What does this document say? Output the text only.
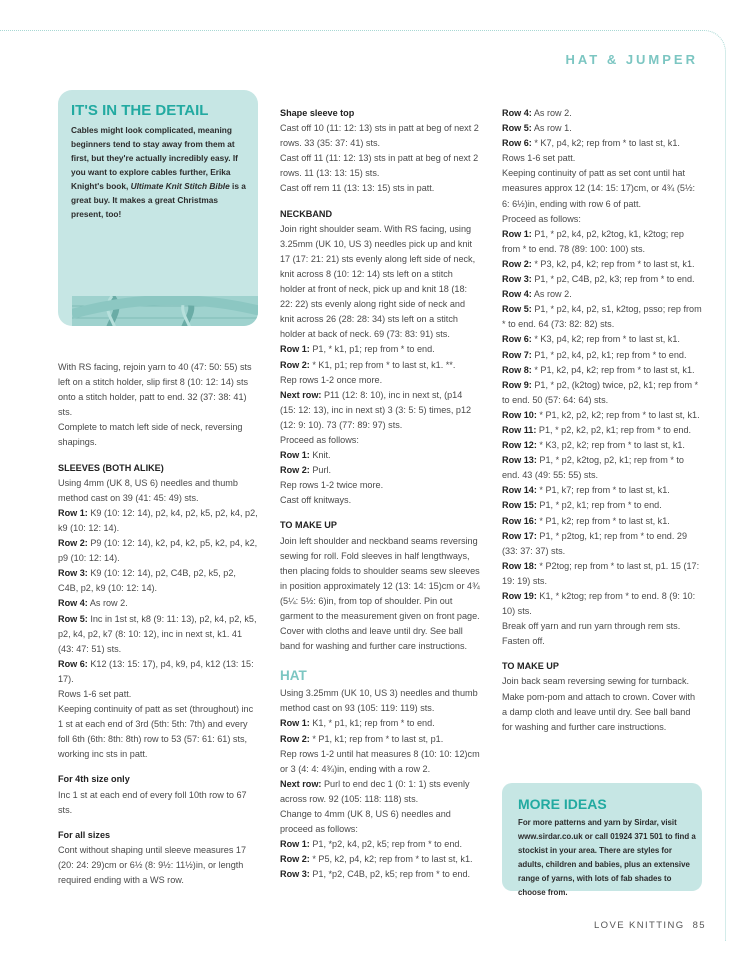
HAT & JUMPER
IT'S IN THE DETAIL
Cables might look complicated, meaning beginners tend to stay away from them at first, but they're actually incredibly easy. If you want to explore cables further, Erika Knight's book, Ultimate Knit Stitch Bible is a great buy. It makes a great Christmas present, too!

With RS facing, rejoin yarn to 40 (47: 50: 55) sts left on a stitch holder, slip first 8 (10: 12: 14) sts onto a stitch holder, patt to end. 32 (37: 38: 41) sts.

Complete to match left side of neck, reversing shapings.

SLEEVES (BOTH ALIKE)

Using 4mm (UK 8, US 6) needles and thumb method cast on 39 (41: 45: 49) sts.

Row 1: K9 (10: 12: 14), p2, k4, p2, k5, p2, k4, p2, k9 (10: 12: 14).

Row 2: P9 (10: 12: 14), k2, p4, k2, p5, k2, p4, k2, p9 (10: 12: 14).

Row 3: K9 (10: 12: 14), p2, C4B, p2, k5, p2, C4B, p2, k9 (10: 12: 14).

Row 4: As row 2.

Row 5: Inc in 1st st, k8 (9: 11: 13), p2, k4, p2, k5, p2, k4, p2, k7 (8: 10: 12), inc in next st, k1. 41 (43: 47: 51) sts.

Row 6: K12 (13: 15: 17), p4, k9, p4, k12 (13: 15: 17).

Rows 1-6 set patt.

Keeping continuity of patt as set (throughout) inc 1 st at each end of 3rd (5th: 5th: 7th) and every foll 6th (6th: 8th: 8th) row to 53 (57: 61: 61) sts, working inc sts in patt.

For 4th size only

Inc 1 st at each end of every foll 10th row to 67 sts.

For all sizes

Cont without shaping until sleeve measures 17 (20: 24: 29)cm or 6½ (8: 9½: 11½)in, or length required ending with a WS row.

Shape sleeve top

Cast off 10 (11: 12: 13) sts in patt at beg of next 2 rows. 33 (35: 37: 41) sts.

Cast off 11 (11: 12: 13) sts in patt at beg of next 2 rows. 11 (13: 13: 15) sts.

Cast off rem 11 (13: 13: 15) sts in patt.

NECKBAND

Join right shoulder seam. With RS facing, using 3.25mm (UK 10, US 3) needles pick up and knit 17 (17: 21: 21) sts evenly along left side of neck, knit across 8 (10: 12: 14) sts left on a stitch holder at front of neck, pick up and knit 18 (18: 22: 22) sts evenly along right side of neck and knit across 26 (28: 28: 34) sts left on a stitch holder at back of neck. 69 (73: 83: 91) sts.

Row 1: P1, * k1, p1; rep from * to end.

Row 2: * K1, p1; rep from * to last st, k1. **.

Rep rows 1-2 once more.

Next row: P11 (12: 8: 10), inc in next st, (p14 (15: 12: 13), inc in next st) 3 (3: 5: 5) times, p12 (12: 9: 10). 73 (77: 89: 97) sts.

Proceed as follows:

Row 1: Knit.

Row 2: Purl.

Rep rows 1-2 twice more.

Cast off knitways.

TO MAKE UP

Join left shoulder and neckband seams reversing sewing for roll. Fold sleeves in half lengthways, then placing folds to shoulder seams sew sleeves in position approximately 12 (13: 14: 15)cm or 4¾ (5¼: 5½: 6)in, from top of shoulder. Pin out garment to the measurement given on front page. Cover with cloths and leave until dry. See ball band for washing and further care instructions.

HAT

Using 3.25mm (UK 10, US 3) needles and thumb method cast on 93 (105: 119: 119) sts.

Row 1: K1, * p1, k1; rep from * to end.

Row 2: * P1, k1; rep from * to last st, p1.

Rep rows 1-2 until hat measures 8 (10: 10: 12)cm or 3 (4: 4: 4¾)in, ending with a row 2.

Next row: Purl to end dec 1 (0: 1: 1) sts evenly across row. 92 (105: 118: 118) sts.

Change to 4mm (UK 8, US 6) needles and proceed as follows:

Row 1: P1, *p2, k4, p2, k5; rep from * to end.

Row 2: * P5, k2, p4, k2; rep from * to last st, k1.

Row 3: P1, *p2, C4B, p2, k5; rep from * to end.

Row 4: As row 2.

Row 5: As row 1.

Row 6: * K7, p4, k2; rep from * to last st, k1.

Rows 1-6 set patt.

Keeping continuity of patt as set cont until hat measures approx 12 (14: 15: 17)cm, or 4¾ (5½: 6: 6½)in, ending with row 6 of patt.

Proceed as follows:

Row 1: P1, * p2, k4, p2, k2tog, k1, k2tog; rep from * to end. 78 (89: 100: 100) sts.

Row 2: * P3, k2, p4, k2; rep from * to last st, k1.

Row 3: P1, * p2, C4B, p2, k3; rep from * to end.

Row 4: As row 2.

Row 5: P1, * p2, k4, p2, s1, k2tog, psso; rep from * to end. 64 (73: 82: 82) sts.

Row 6: * K3, p4, k2; rep from * to last st, k1.

Row 7: P1, * p2, k4, p2, k1; rep from * to end.

Row 8: * P1, k2, p4, k2; rep from * to last st, k1.

Row 9: P1, * p2, (k2tog) twice, p2, k1; rep from * to end. 50 (57: 64: 64) sts.

Row 10: * P1, k2, p2, k2; rep from * to last st, k1.

Row 11: P1, * p2, k2, p2, k1; rep from * to end.

Row 12: * K3, p2, k2; rep from * to last st, k1.

Row 13: P1, * p2, k2tog, p2, k1; rep from * to end. 43 (49: 55: 55) sts.

Row 14: * P1, k7; rep from * to last st, k1.

Row 15: P1, * p2, k1; rep from * to end.

Row 16: * P1, k2; rep from * to last st, k1.

Row 17: P1, * p2tog, k1; rep from * to end. 29 (33: 37: 37) sts.

Row 18: * P2tog; rep from * to last st, p1. 15 (17: 19: 19) sts.

Row 19: K1, * k2tog; rep from * to end. 8 (9: 10: 10) sts.

Break off yarn and run yarn through rem sts. Fasten off.

TO MAKE UP

Join back seam reversing sewing for turnback. Make pom-pom and attach to crown. Cover with a damp cloth and leave until dry. See ball band for washing and further care instructions.

MORE IDEAS
For more patterns and yarn by Sirdar, visit www.sirdar.co.uk or call 01924 371 501 to find a stockist in your area. There are styles for adults, children and babies, plus an extensive range of yarns, with lots of fab shades to choose from.
LOVE KNITTING 85
